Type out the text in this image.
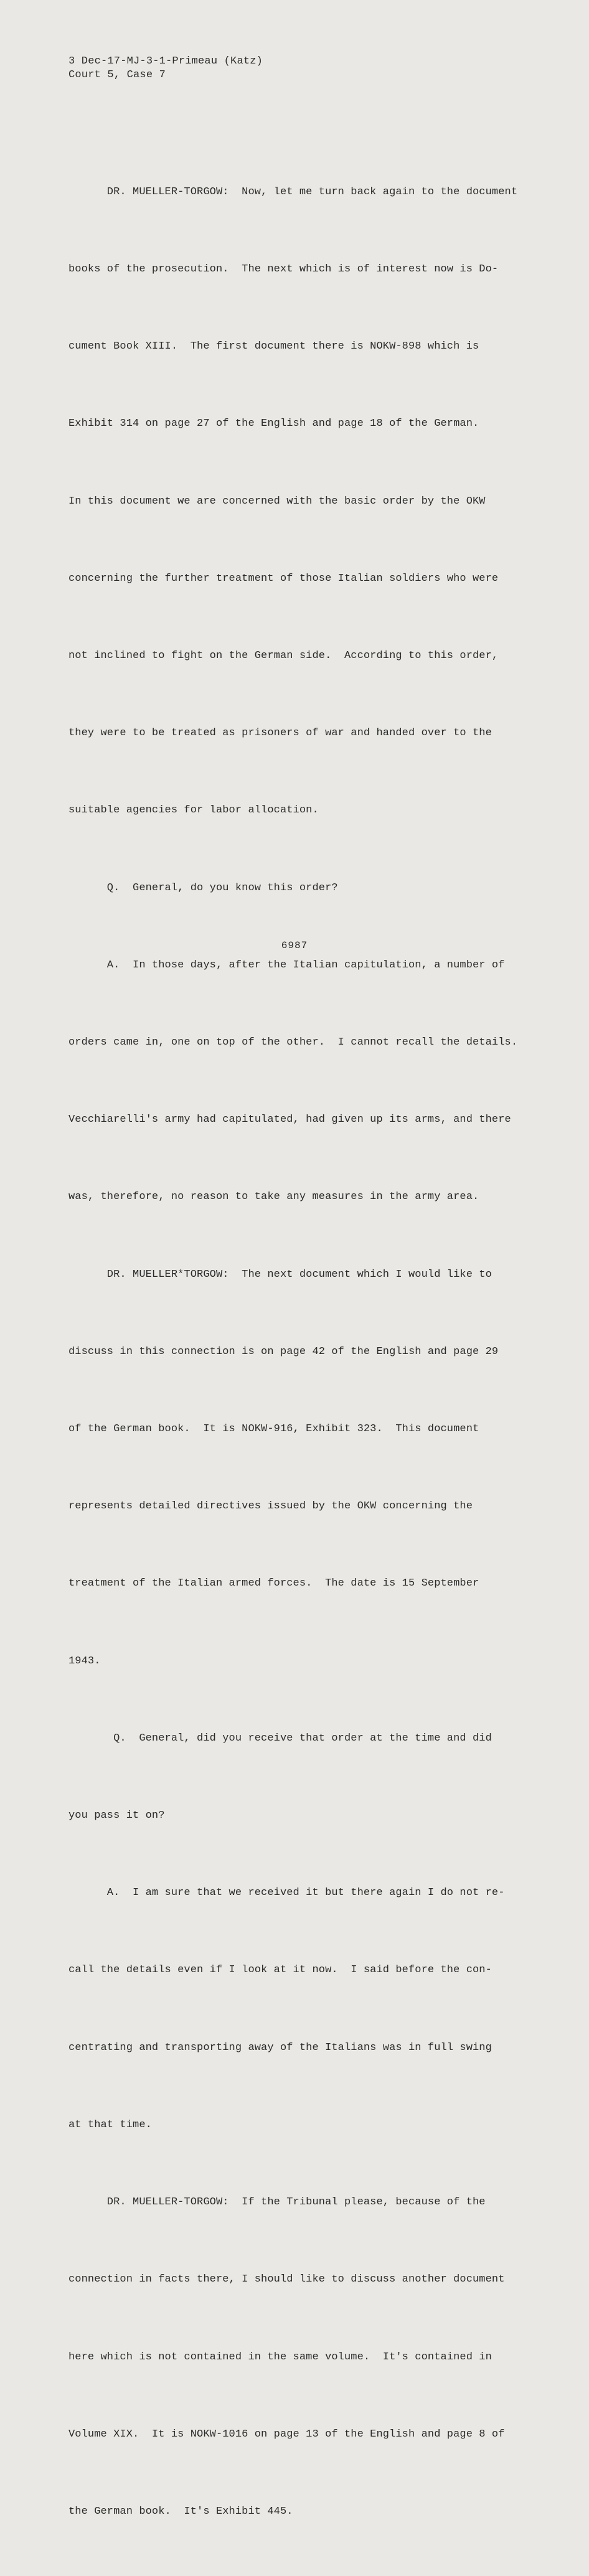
3 Dec-17-MJ-3-1-Primeau (Katz)
Court 5, Case 7

DR. MUELLER-TORGOW:  Now, let me turn back again to the document

books of the prosecution.  The next which is of interest now is Do-

cument Book XIII.  The first document there is NOKW-898 which is

Exhibit 314 on page 27 of the English and page 18 of the German.

In this document we are concerned with the basic order by the OKW

concerning the further treatment of those Italian soldiers who were

not inclined to fight on the German side.  According to this order,

they were to be treated as prisoners of war and handed over to the

suitable agencies for labor allocation.

Q.  General, do you know this order?

A.  In those days, after the Italian capitulation, a number of

orders came in, one on top of the other.  I cannot recall the details.

Vecchiarelli's army had capitulated, had given up its arms, and there

was, therefore, no reason to take any measures in the army area.

DR. MUELLER*TORGOW:  The next document which I would like to

discuss in this connection is on page 42 of the English and page 29

of the German book.  It is NOKW-916, Exhibit 323.  This document

represents detailed directives issued by the OKW concerning the

treatment of the Italian armed forces.  The date is 15 September

1943.

Q.  General, did you receive that order at the time and did

you pass it on?

A.  I am sure that we received it but there again I do not re-

call the details even if I look at it now.  I said before the con-

centrating and transporting away of the Italians was in full swing

at that time.

DR. MUELLER-TORGOW:  If the Tribunal please, because of the

connection in facts there, I should like to discuss another document

here which is not contained in the same volume.  It's contained in

Volume XIX.  It is NOKW-1016 on page 13 of the English and page 8 of

the German book.  It's Exhibit 445.

6987
